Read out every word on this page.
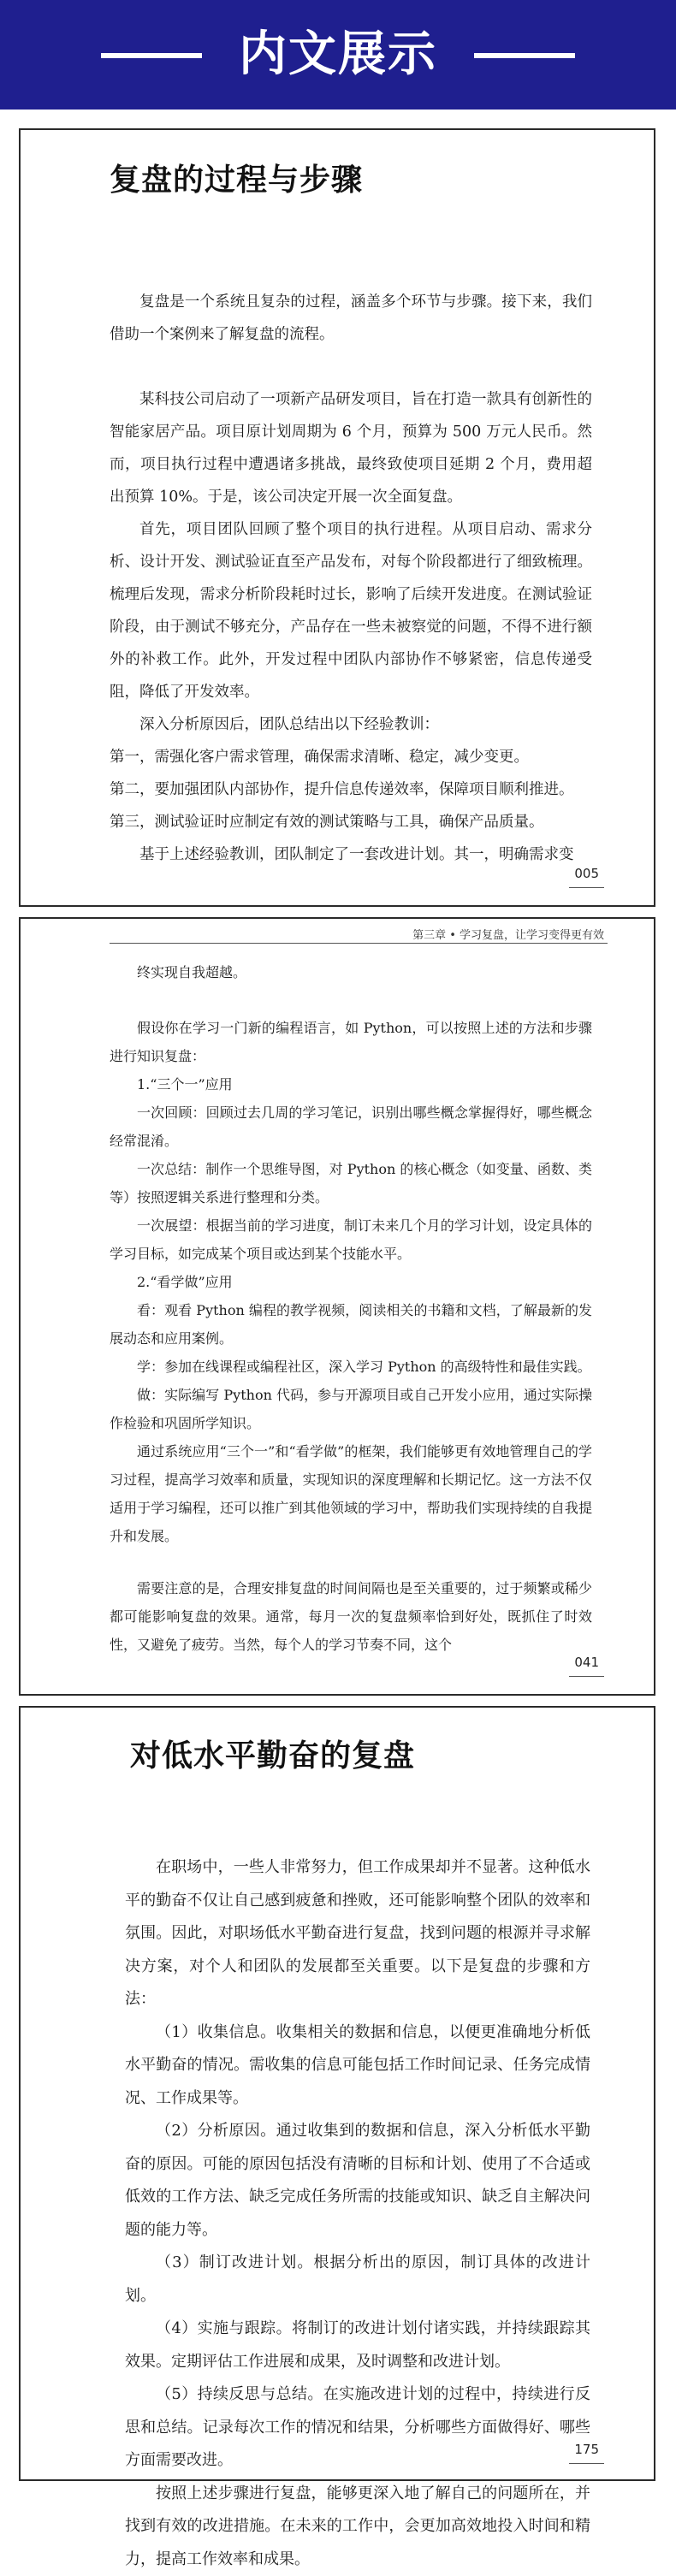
内文展示
复盘的过程与步骤

复盘是一个系统且复杂的过程，涵盖多个环节与步骤。接下来，我们借助一个案例来了解复盘的流程。

某科技公司启动了一项新产品研发项目，旨在打造一款具有创新性的智能家居产品。项目原计划周期为 6 个月，预算为 500 万元人民币。然而，项目执行过程中遭遇诸多挑战，最终致使项目延期 2 个月，费用超出预算 10%。于是，该公司决定开展一次全面复盘。

首先，项目团队回顾了整个项目的执行进程。从项目启动、需求分析、设计开发、测试验证直至产品发布，对每个阶段都进行了细致梳理。梳理后发现，需求分析阶段耗时过长，影响了后续开发进度。在测试验证阶段，由于测试不够充分，产品存在一些未被察觉的问题，不得不进行额外的补救工作。此外，开发过程中团队内部协作不够紧密，信息传递受阻，降低了开发效率。

深入分析原因后，团队总结出以下经验教训：

第一，需强化客户需求管理，确保需求清晰、稳定，减少变更。

第二，要加强团队内部协作，提升信息传递效率，保障项目顺利推进。

第三，测试验证时应制定有效的测试策略与工具，确保产品质量。

基于上述经验教训，团队制定了一套改进计划。其一，明确需求变

005
第三章 • 学习复盘，让学习变得更有效

终实现自我超越。

假设你在学习一门新的编程语言，如 Python，可以按照上述的方法和步骤进行知识复盘：

1.“三个一”应用

一次回顾：回顾过去几周的学习笔记，识别出哪些概念掌握得好，哪些概念经常混淆。

一次总结：制作一个思维导图，对 Python 的核心概念（如变量、函数、类等）按照逻辑关系进行整理和分类。

一次展望：根据当前的学习进度，制订未来几个月的学习计划，设定具体的学习目标，如完成某个项目或达到某个技能水平。

2.“看学做”应用

看：观看 Python 编程的教学视频，阅读相关的书籍和文档，了解最新的发展动态和应用案例。

学：参加在线课程或编程社区，深入学习 Python 的高级特性和最佳实践。

做：实际编写 Python 代码，参与开源项目或自己开发小应用，通过实际操作检验和巩固所学知识。

通过系统应用“三个一”和“看学做”的框架，我们能够更有效地管理自己的学习过程，提高学习效率和质量，实现知识的深度理解和长期记忆。这一方法不仅适用于学习编程，还可以推广到其他领域的学习中，帮助我们实现持续的自我提升和发展。

需要注意的是，合理安排复盘的时间间隔也是至关重要的，过于频繁或稀少都可能影响复盘的效果。通常，每月一次的复盘频率恰到好处，既抓住了时效性，又避免了疲劳。当然，每个人的学习节奏不同，这个

041
对低水平勤奋的复盘

在职场中，一些人非常努力，但工作成果却并不显著。这种低水平的勤奋不仅让自己感到疲惫和挫败，还可能影响整个团队的效率和氛围。因此，对职场低水平勤奋进行复盘，找到问题的根源并寻求解决方案，对个人和团队的发展都至关重要。以下是复盘的步骤和方法：

（1）收集信息。收集相关的数据和信息，以便更准确地分析低水平勤奋的情况。需收集的信息可能包括工作时间记录、任务完成情况、工作成果等。

（2）分析原因。通过收集到的数据和信息，深入分析低水平勤奋的原因。可能的原因包括没有清晰的目标和计划、使用了不合适或低效的工作方法、缺乏完成任务所需的技能或知识、缺乏自主解决问题的能力等。

（3）制订改进计划。根据分析出的原因，制订具体的改进计划。

（4）实施与跟踪。将制订的改进计划付诸实践，并持续跟踪其效果。定期评估工作进展和成果，及时调整和改进计划。

（5）持续反思与总结。在实施改进计划的过程中，持续进行反思和总结。记录每次工作的情况和结果，分析哪些方面做得好、哪些方面需要改进。

按照上述步骤进行复盘，能够更深入地了解自己的问题所在，并找到有效的改进措施。在未来的工作中，会更加高效地投入时间和精力，提高工作效率和成果。

175
